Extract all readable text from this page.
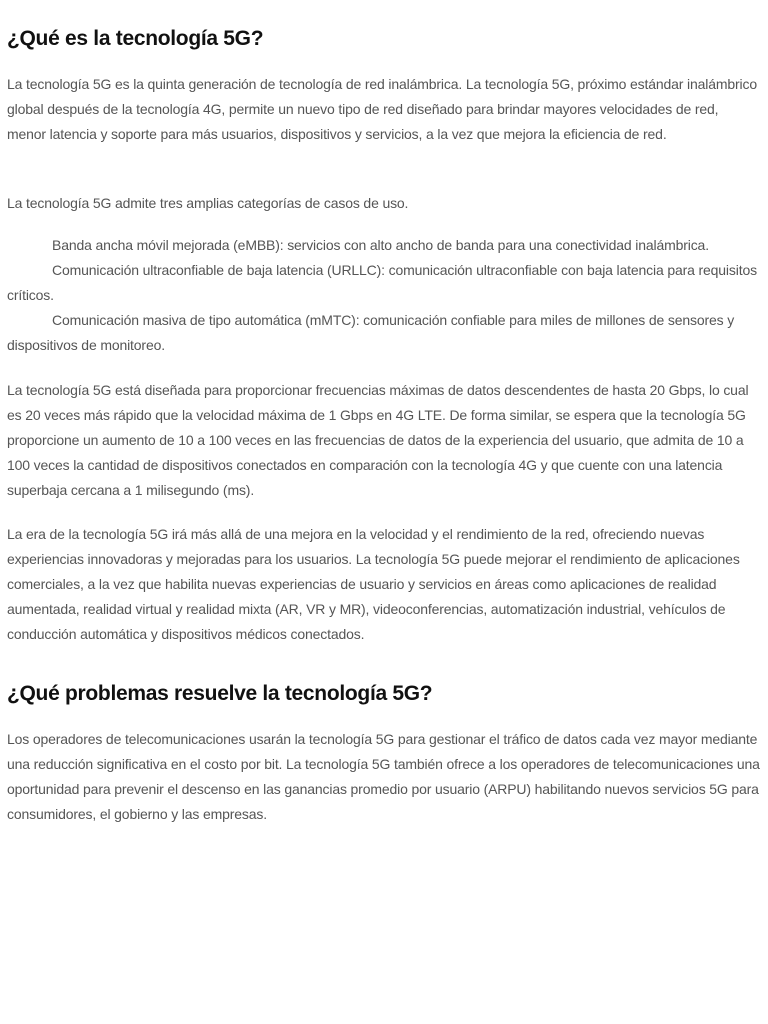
¿Qué es la tecnología 5G?

La tecnología 5G es la quinta generación de tecnología de red inalámbrica. La tecnología 5G, próximo estándar inalámbrico global después de la tecnología 4G, permite un nuevo tipo de red diseñado para brindar mayores velocidades de red, menor latencia y soporte para más usuarios, dispositivos y servicios, a la vez que mejora la eficiencia de red.

La tecnología 5G admite tres amplias categorías de casos de uso.

Banda ancha móvil mejorada (eMBB): servicios con alto ancho de banda para una conectividad inalámbrica.

Comunicación ultraconfiable de baja latencia (URLLC): comunicación ultraconfiable con baja latencia para requisitos críticos.

Comunicación masiva de tipo automática (mMTC): comunicación confiable para miles de millones de sensores y dispositivos de monitoreo.

La tecnología 5G está diseñada para proporcionar frecuencias máximas de datos descendentes de hasta 20 Gbps, lo cual es 20 veces más rápido que la velocidad máxima de 1 Gbps en 4G LTE. De forma similar, se espera que la tecnología 5G proporcione un aumento de 10 a 100 veces en las frecuencias de datos de la experiencia del usuario, que admita de 10 a 100 veces la cantidad de dispositivos conectados en comparación con la tecnología 4G y que cuente con una latencia superbaja cercana a 1 milisegundo (ms).

La era de la tecnología 5G irá más allá de una mejora en la velocidad y el rendimiento de la red, ofreciendo nuevas experiencias innovadoras y mejoradas para los usuarios. La tecnología 5G puede mejorar el rendimiento de aplicaciones comerciales, a la vez que habilita nuevas experiencias de usuario y servicios en áreas como aplicaciones de realidad aumentada, realidad virtual y realidad mixta (AR, VR y MR), videoconferencias, automatización industrial, vehículos de conducción automática y dispositivos médicos conectados.

¿Qué problemas resuelve la tecnología 5G?

Los operadores de telecomunicaciones usarán la tecnología 5G para gestionar el tráfico de datos cada vez mayor mediante una reducción significativa en el costo por bit. La tecnología 5G también ofrece a los operadores de telecomunicaciones una oportunidad para prevenir el descenso en las ganancias promedio por usuario (ARPU) habilitando nuevos servicios 5G para consumidores, el gobierno y las empresas.
